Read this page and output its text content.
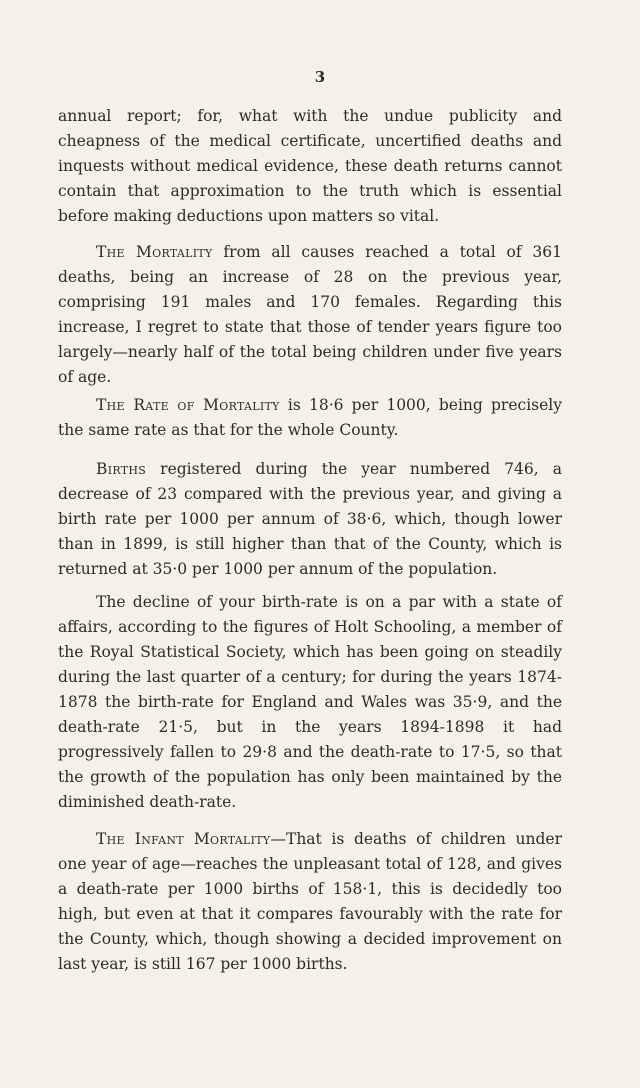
3

annual report; for, what with the undue publicity and cheapness of the medical certificate, uncertified deaths and inquests without medical evidence, these death returns cannot contain that approximation to the truth which is essential before making deductions upon matters so vital.

The Mortality from all causes reached a total of 361 deaths, being an increase of 28 on the previous year, comprising 191 males and 170 females. Regarding this increase, I regret to state that those of tender years figure too largely—nearly half of the total being children under five years of age.

The Rate of Mortality is 18·6 per 1000, being precisely the same rate as that for the whole County.

Births registered during the year numbered 746, a decrease of 23 compared with the previous year, and giving a birth rate per 1000 per annum of 38·6, which, though lower than in 1899, is still higher than that of the County, which is returned at 35·0 per 1000 per annum of the population.

The decline of your birth-rate is on a par with a state of affairs, according to the figures of Holt Schooling, a member of the Royal Statistical Society, which has been going on steadily during the last quarter of a century; for during the years 1874-1878 the birth-rate for England and Wales was 35·9, and the death-rate 21·5, but in the years 1894-1898 it had progressively fallen to 29·8 and the death-rate to 17·5, so that the growth of the population has only been maintained by the diminished death-rate.

The Infant Mortality—That is deaths of children under one year of age—reaches the unpleasant total of 128, and gives a death-rate per 1000 births of 158·1, this is decidedly too high, but even at that it compares favourably with the rate for the County, which, though showing a decided improvement on last year, is still 167 per 1000 births.
